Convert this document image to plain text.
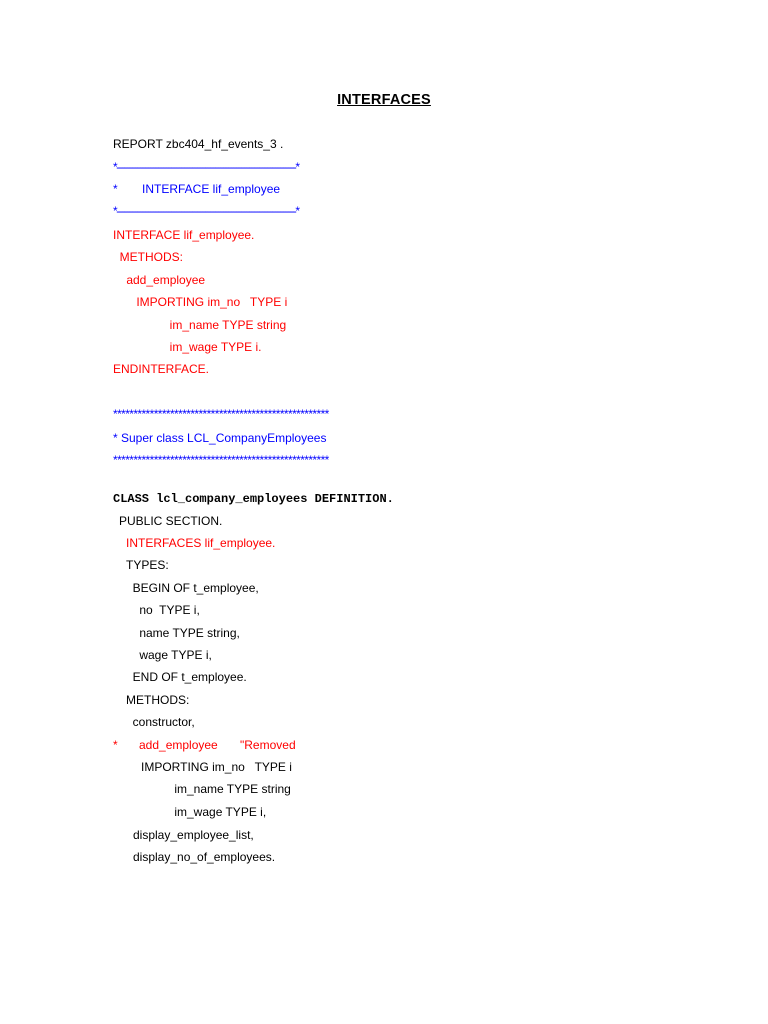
INTERFACES
REPORT zbc404_hf_events_3 .
*---------------------------------------------------------------------*
* INTERFACE lif_employee
*---------------------------------------------------------------------*
INTERFACE lif_employee.
METHODS:
add_employee
IMPORTING im_no   TYPE i
im_name TYPE string
im_wage TYPE i.
ENDINTERFACE.
*****************************************************
* Super class LCL_CompanyEmployees
*****************************************************
CLASS lcl_company_employees DEFINITION.
PUBLIC SECTION.
INTERFACES lif_employee.
TYPES:
BEGIN OF t_employee,
no  TYPE i,
name TYPE string,
wage TYPE i,
END OF t_employee.
METHODS:
constructor,
* add_employee "Removed
IMPORTING im_no   TYPE i
im_name TYPE string
im_wage TYPE i,
display_employee_list,
display_no_of_employees.
